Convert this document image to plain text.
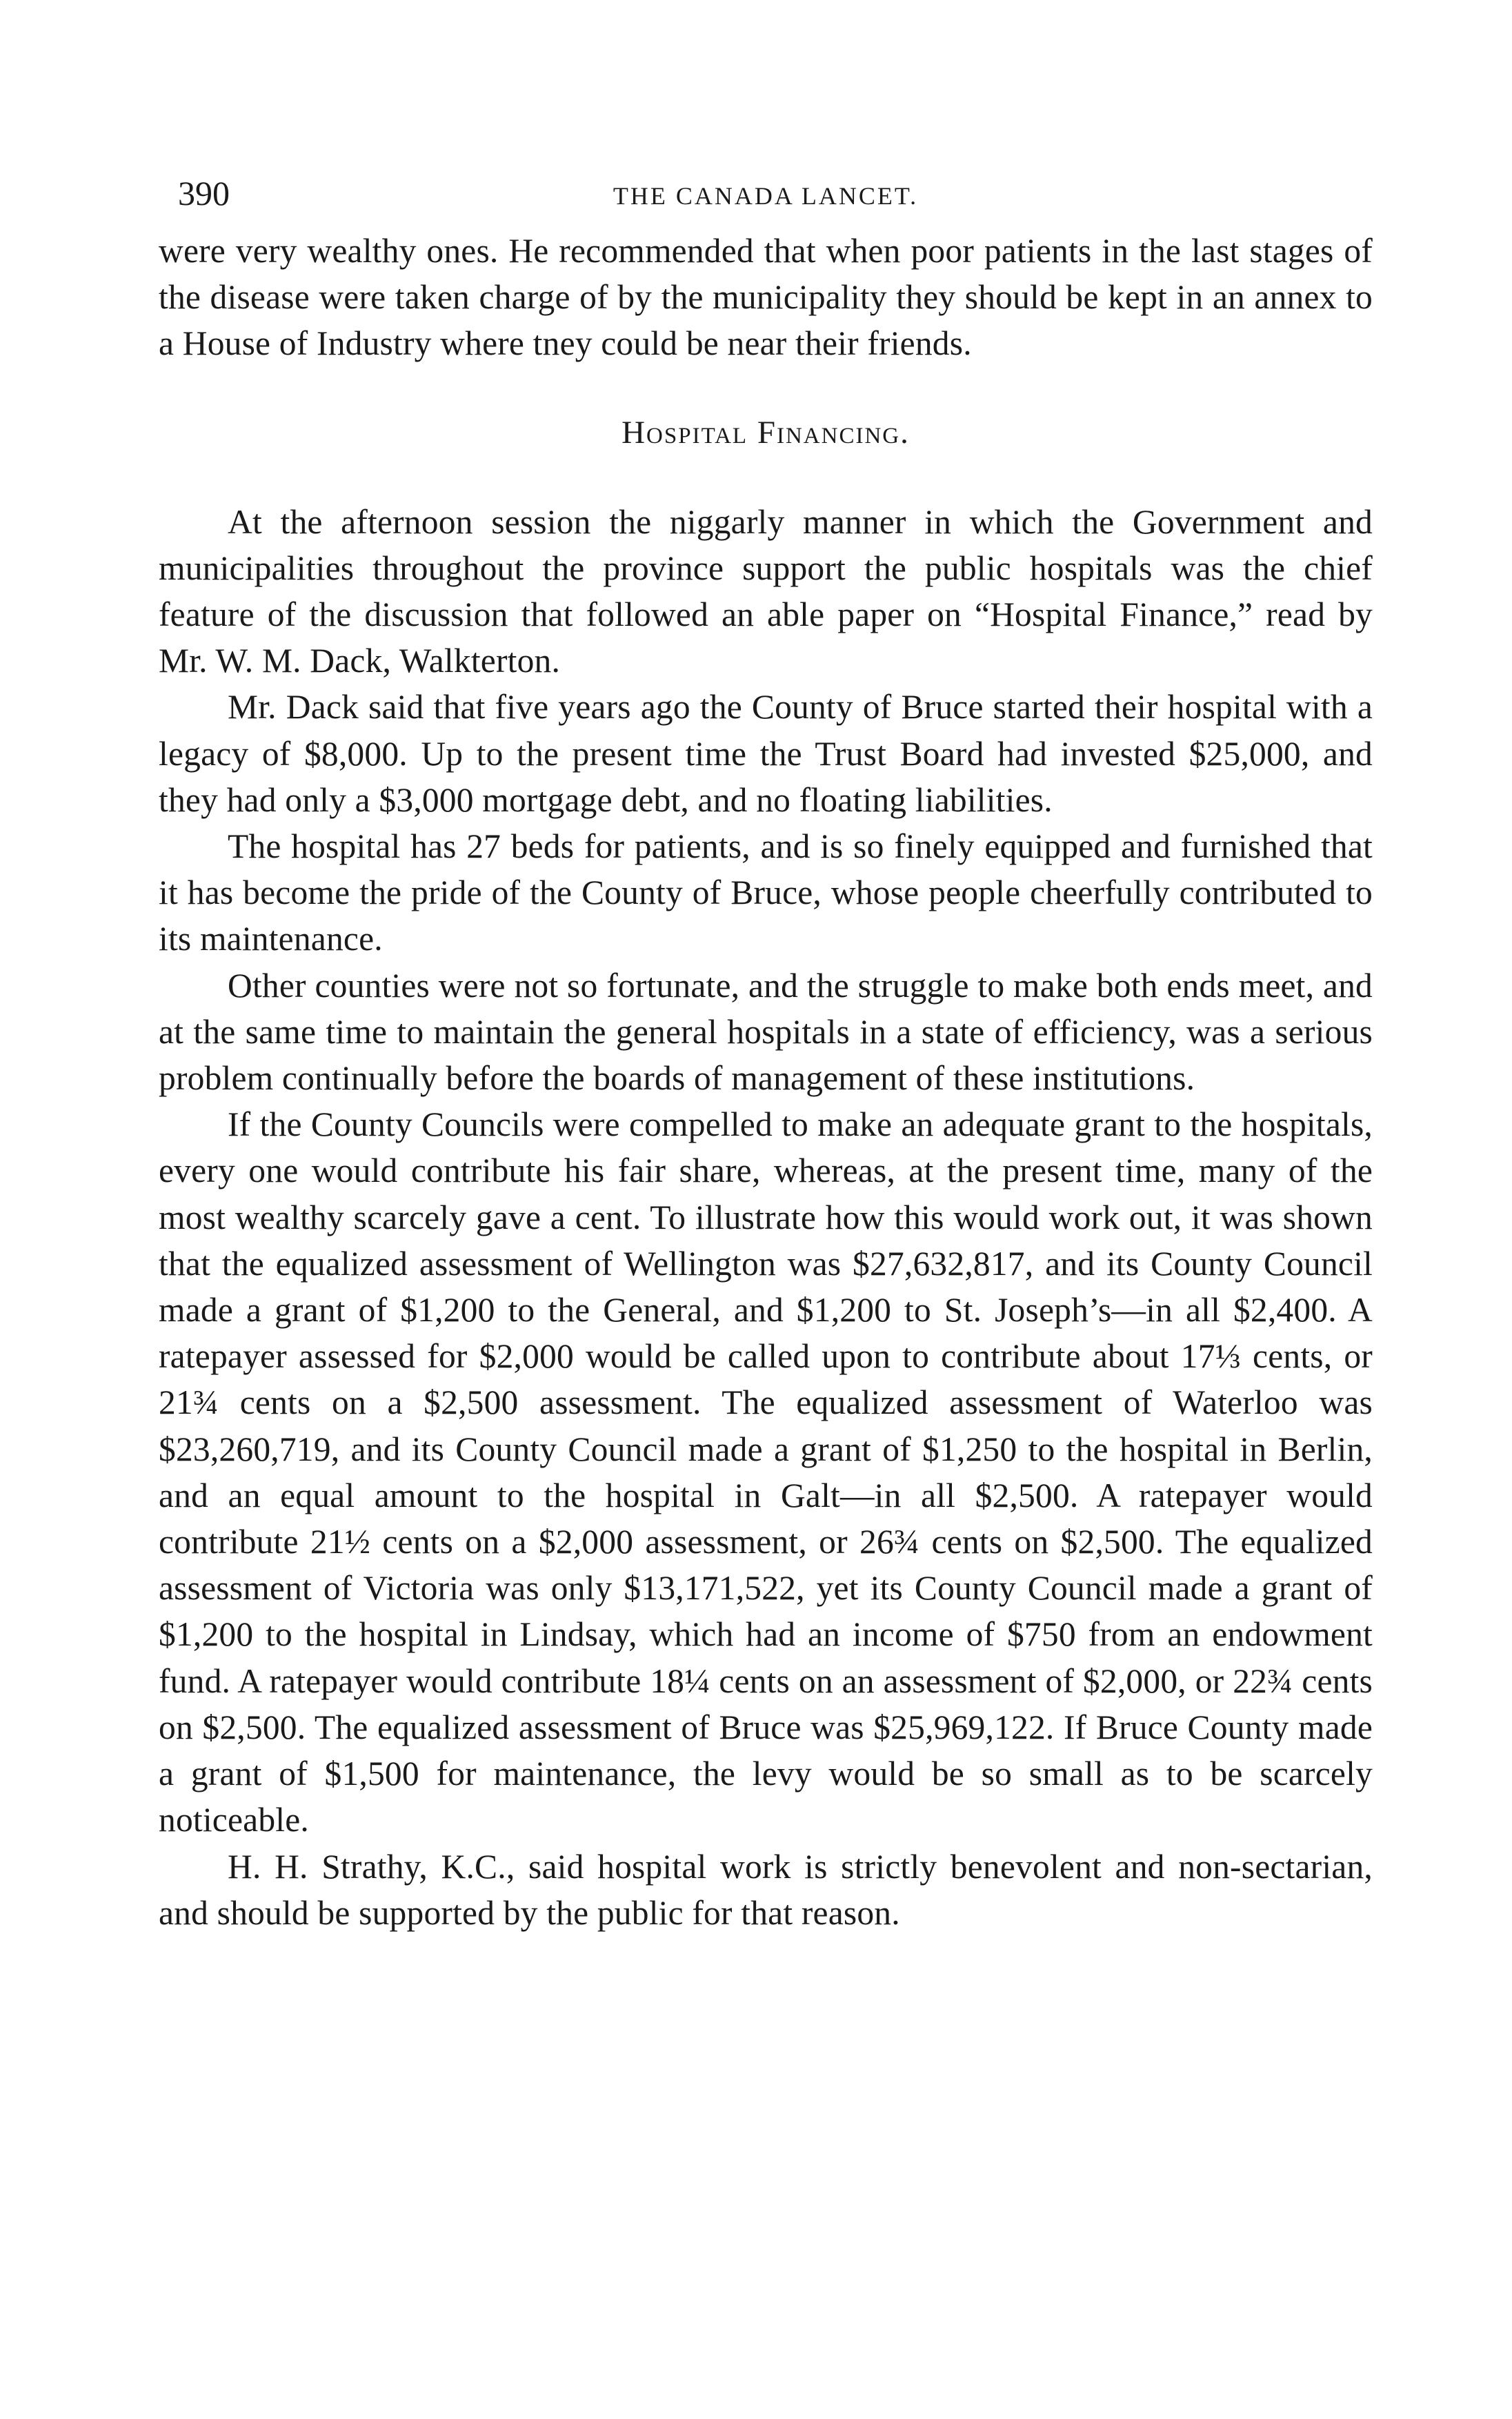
390	THE CANADA LANCET.

were very wealthy ones. He recommended that when poor patients in the last stages of the disease were taken charge of by the municipality they should be kept in an annex to a House of Industry where tney could be near their friends.

Hospital Financing.

At the afternoon session the niggarly manner in which the Government and municipalities throughout the province support the public hospitals was the chief feature of the discussion that followed an able paper on “Hospital Finance,” read by Mr. W. M. Dack, Walkterton.

Mr. Dack said that five years ago the County of Bruce started their hospital with a legacy of $8,000. Up to the present time the Trust Board had invested $25,000, and they had only a $3,000 mortgage debt, and no floating liabilities.

The hospital has 27 beds for patients, and is so finely equipped and furnished that it has become the pride of the County of Bruce, whose people cheerfully contributed to its maintenance.

Other counties were not so fortunate, and the struggle to make both ends meet, and at the same time to maintain the general hospitals in a state of efficiency, was a serious problem continually before the boards of management of these institutions.

If the County Councils were compelled to make an adequate grant to the hospitals, every one would contribute his fair share, whereas, at the present time, many of the most wealthy scarcely gave a cent. To illustrate how this would work out, it was shown that the equalized assessment of Wellington was $27,632,817, and its County Council made a grant of $1,200 to the General, and $1,200 to St. Joseph’s—in all $2,400. A ratepayer assessed for $2,000 would be called upon to contribute about 17⅓ cents, or 21¾ cents on a $2,500 assessment. The equalized assessment of Waterloo was $23,260,719, and its County Council made a grant of $1,250 to the hospital in Berlin, and an equal amount to the hospital in Galt—in all $2,500. A ratepayer would contribute 21½ cents on a $2,000 assessment, or 26¾ cents on $2,500. The equalized assessment of Victoria was only $13,171,522, yet its County Council made a grant of $1,200 to the hospital in Lindsay, which had an income of $750 from an endowment fund. A ratepayer would contribute 18¼ cents on an assessment of $2,000, or 22¾ cents on $2,500. The equalized assessment of Bruce was $25,969,122. If Bruce County made a grant of $1,500 for maintenance, the levy would be so small as to be scarcely noticeable.

H. H. Strathy, K.C., said hospital work is strictly benevolent and non-sectarian, and should be supported by the public for that reason.
